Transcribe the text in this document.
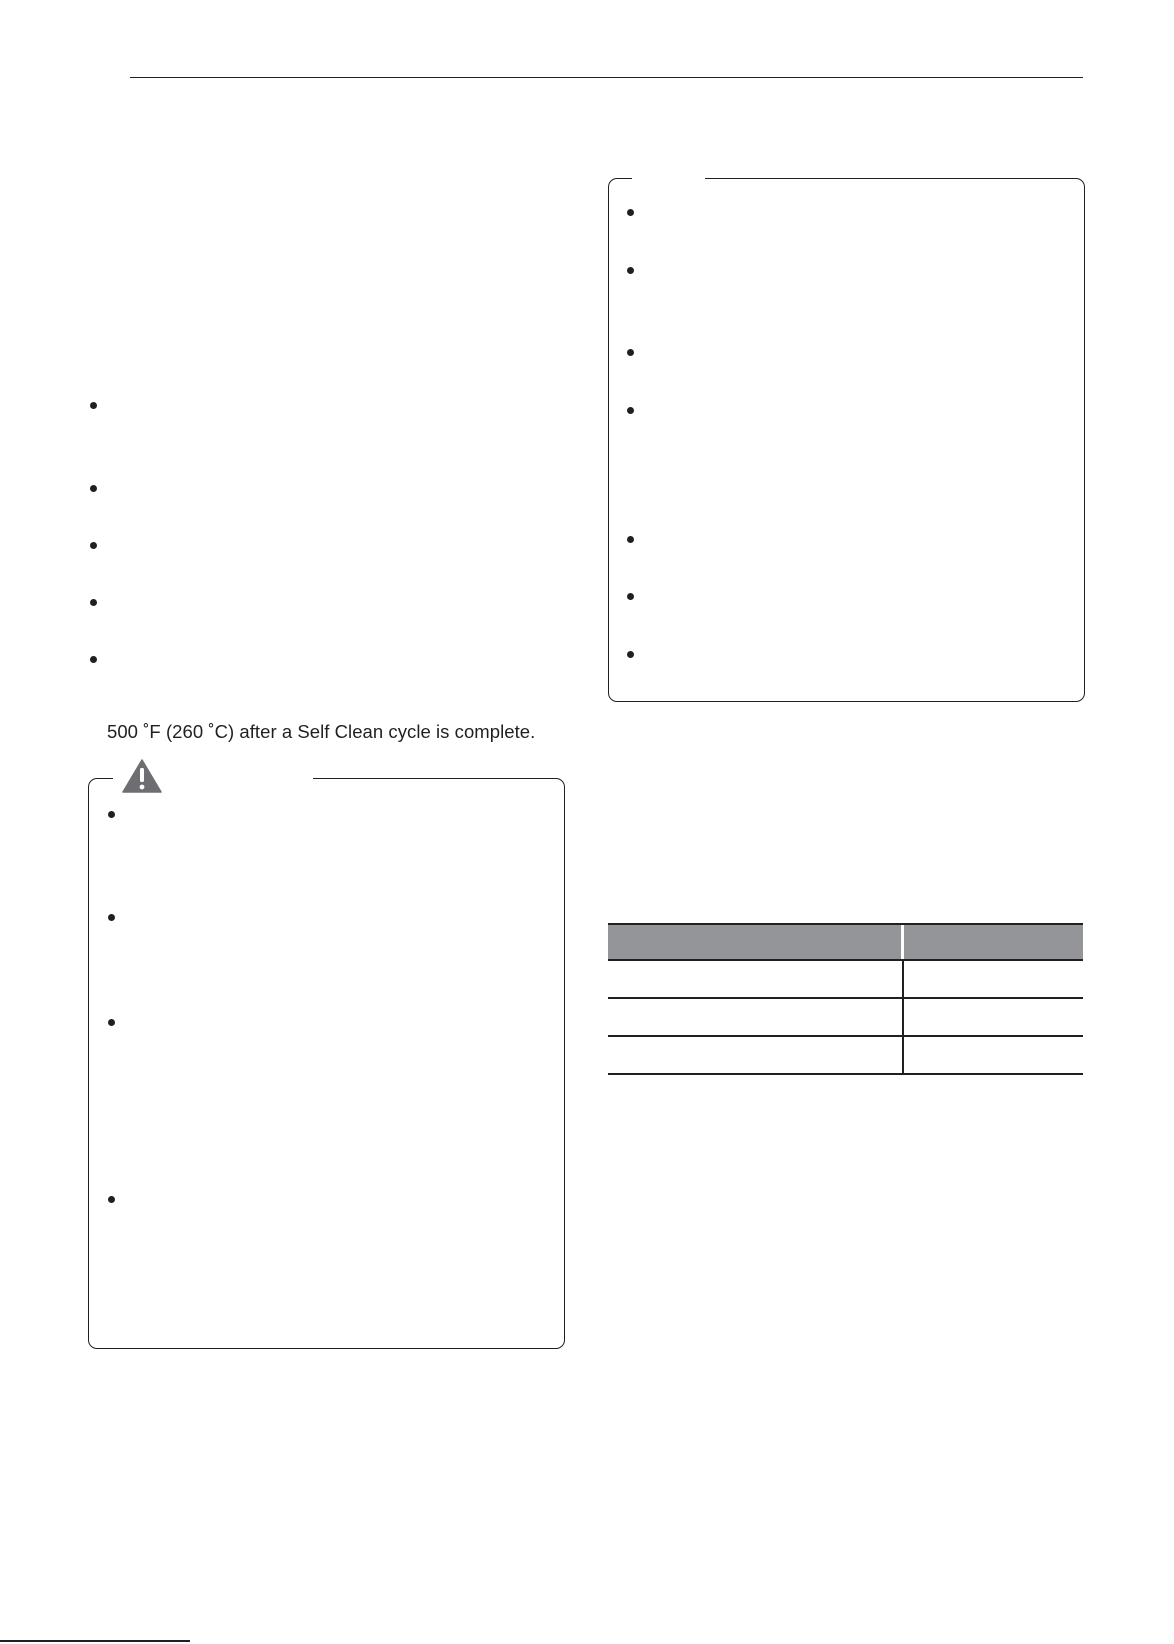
500 ˚F (260 ˚C) after a Self Clean cycle is complete.
